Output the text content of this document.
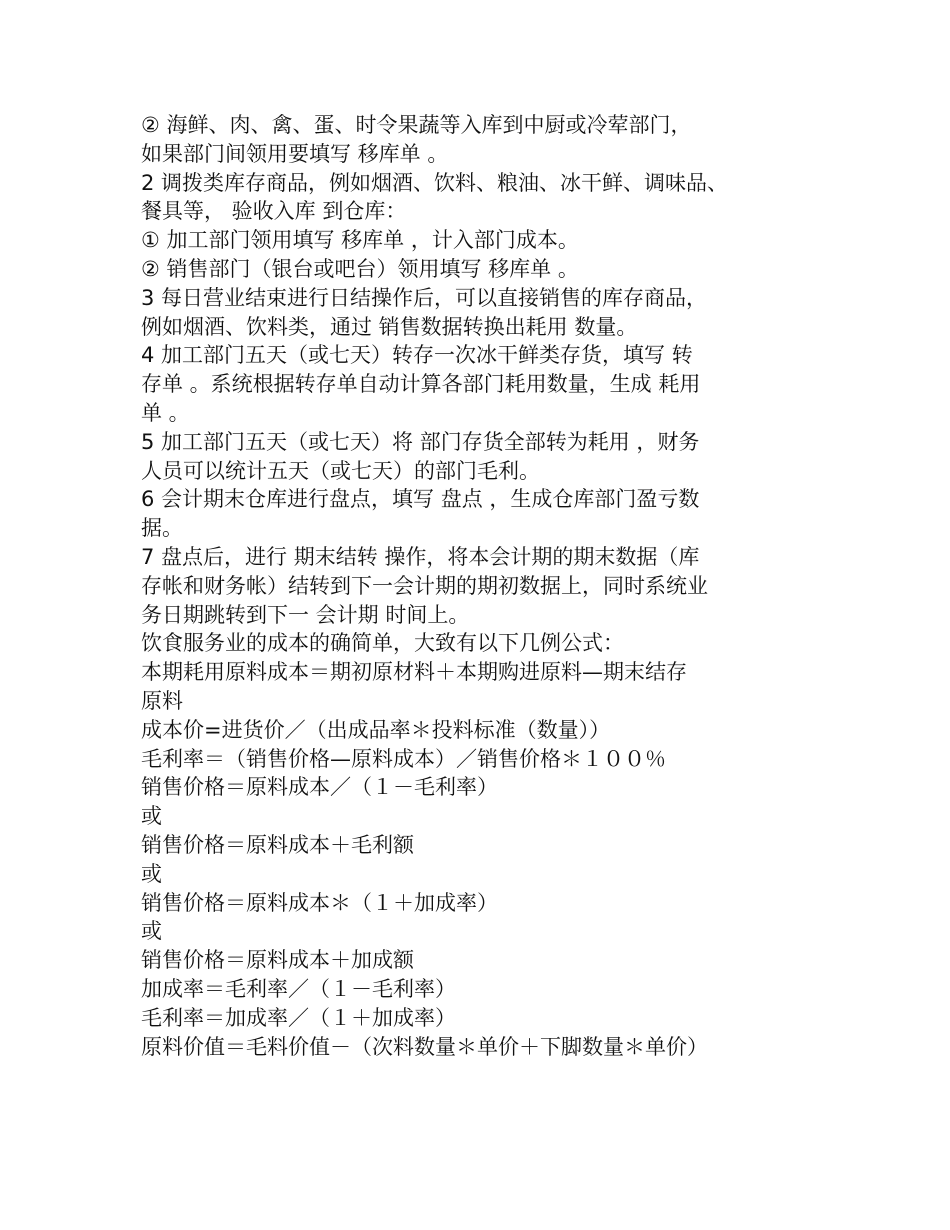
② 海鲜、肉、禽、蛋、时令果蔬等入库到中厨或冷荤部门，
如果部门间领用要填写 移库单 。
2 调拨类库存商品，例如烟酒、饮料、粮油、冰干鲜、调味品、
餐具等， 验收入库 到仓库：
① 加工部门领用填写 移库单 ，计入部门成本。
② 销售部门（银台或吧台）领用填写 移库单 。
3 每日营业结束进行日结操作后，可以直接销售的库存商品，
例如烟酒、饮料类，通过 销售数据转换出耗用 数量。
4 加工部门五天（或七天）转存一次冰干鲜类存货，填写 转
存单 。系统根据转存单自动计算各部门耗用数量，生成 耗用
单 。
5 加工部门五天（或七天）将 部门存货全部转为耗用 ，财务
人员可以统计五天（或七天）的部门毛利。
6 会计期末仓库进行盘点，填写 盘点 ，生成仓库部门盈亏数
据。
7 盘点后，进行 期末结转 操作，将本会计期的期末数据（库
存帐和财务帐）结转到下一会计期的期初数据上，同时系统业
务日期跳转到下一 会计期 时间上。
饮食服务业的成本的确简单，大致有以下几例公式：
本期耗用原料成本＝期初原材料＋本期购进原料—期末结存
原料
成本价=进货价／（出成品率＊投料标准（数量））
毛利率＝（销售价格—原料成本）／销售价格＊１００％
销售价格＝原料成本／（１－毛利率）
或
销售价格＝原料成本＋毛利额
或
销售价格＝原料成本＊（１＋加成率）
或
销售价格＝原料成本＋加成额
加成率＝毛利率／（１－毛利率）
毛利率＝加成率／（１＋加成率）
原料价值＝毛料价值－（次料数量＊单价＋下脚数量＊单价）
